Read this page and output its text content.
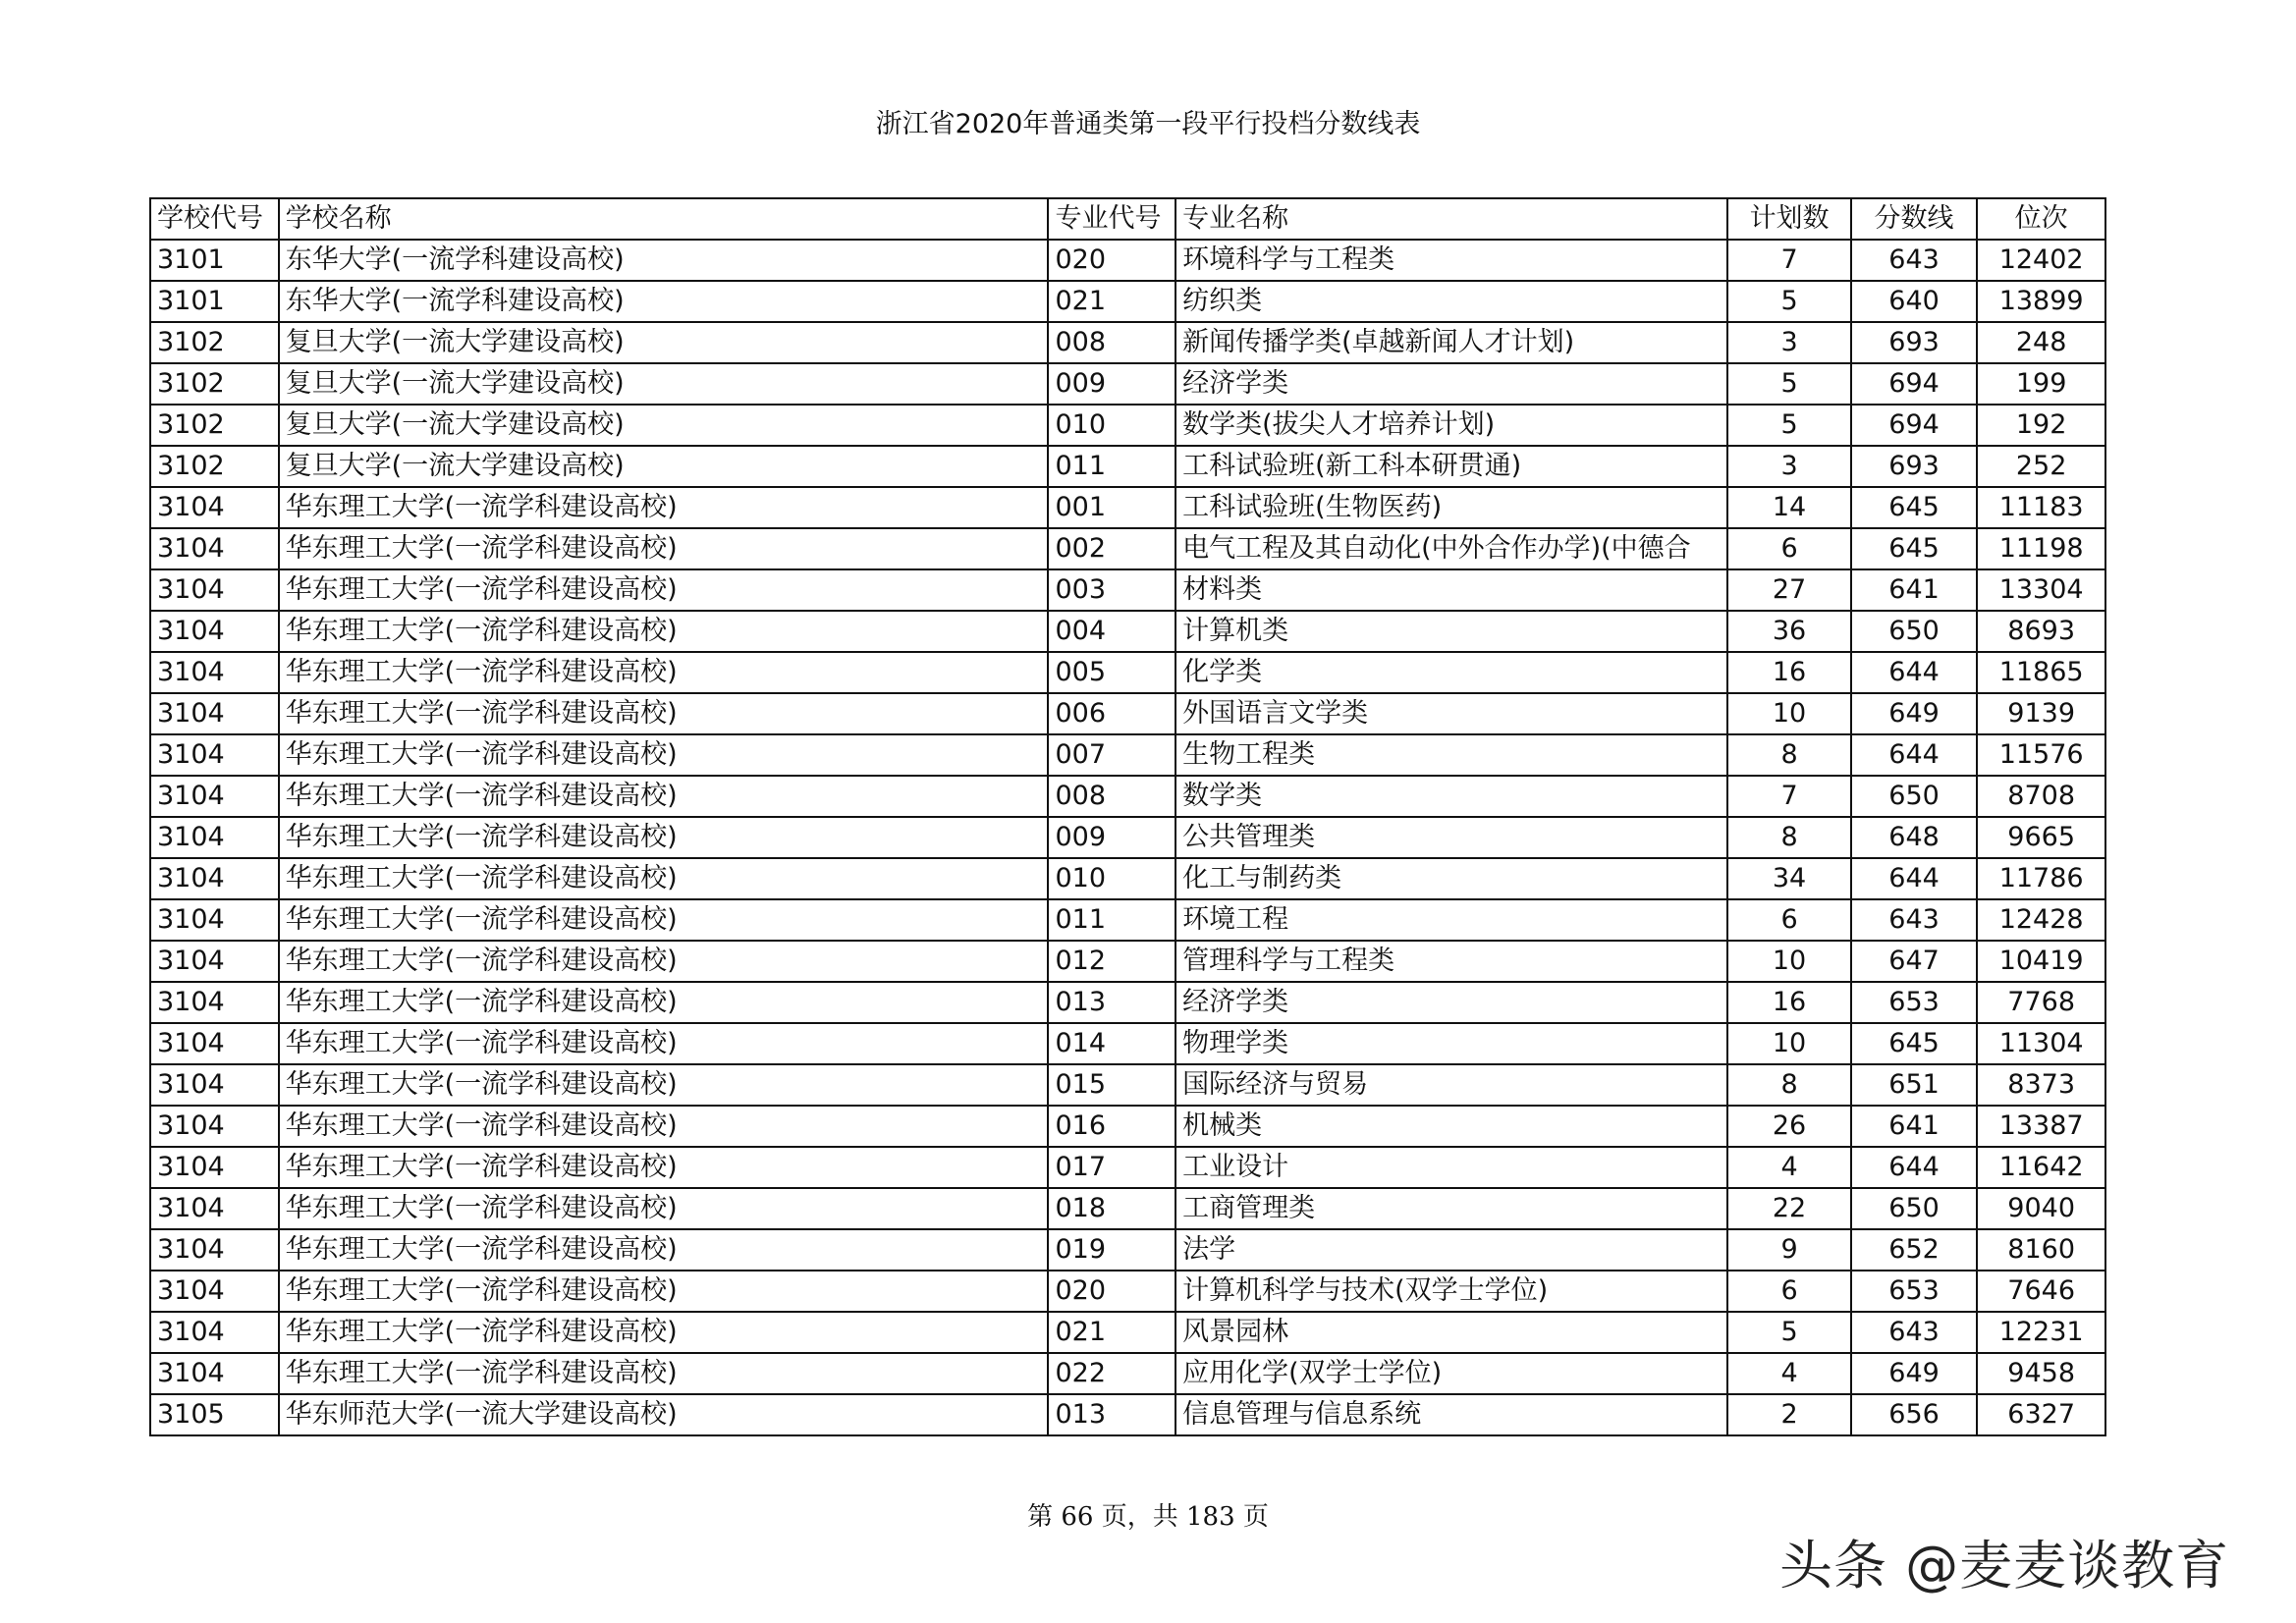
浙江省2020年普通类第一段平行投档分数线表
学校代号	学校名称	专业代号	专业名称	计划数	分数线	位次
3101	东华大学(一流学科建设高校)	020	环境科学与工程类	7	643	12402
3101	东华大学(一流学科建设高校)	021	纺织类	5	640	13899
3102	复旦大学(一流大学建设高校)	008	新闻传播学类(卓越新闻人才计划)	3	693	248
3102	复旦大学(一流大学建设高校)	009	经济学类	5	694	199
3102	复旦大学(一流大学建设高校)	010	数学类(拔尖人才培养计划)	5	694	192
3102	复旦大学(一流大学建设高校)	011	工科试验班(新工科本研贯通)	3	693	252
3104	华东理工大学(一流学科建设高校)	001	工科试验班(生物医药)	14	645	11183
3104	华东理工大学(一流学科建设高校)	002	电气工程及其自动化(中外合作办学)(中德合	6	645	11198
3104	华东理工大学(一流学科建设高校)	003	材料类	27	641	13304
3104	华东理工大学(一流学科建设高校)	004	计算机类	36	650	8693
3104	华东理工大学(一流学科建设高校)	005	化学类	16	644	11865
3104	华东理工大学(一流学科建设高校)	006	外国语言文学类	10	649	9139
3104	华东理工大学(一流学科建设高校)	007	生物工程类	8	644	11576
3104	华东理工大学(一流学科建设高校)	008	数学类	7	650	8708
3104	华东理工大学(一流学科建设高校)	009	公共管理类	8	648	9665
3104	华东理工大学(一流学科建设高校)	010	化工与制药类	34	644	11786
3104	华东理工大学(一流学科建设高校)	011	环境工程	6	643	12428
3104	华东理工大学(一流学科建设高校)	012	管理科学与工程类	10	647	10419
3104	华东理工大学(一流学科建设高校)	013	经济学类	16	653	7768
3104	华东理工大学(一流学科建设高校)	014	物理学类	10	645	11304
3104	华东理工大学(一流学科建设高校)	015	国际经济与贸易	8	651	8373
3104	华东理工大学(一流学科建设高校)	016	机械类	26	641	13387
3104	华东理工大学(一流学科建设高校)	017	工业设计	4	644	11642
3104	华东理工大学(一流学科建设高校)	018	工商管理类	22	650	9040
3104	华东理工大学(一流学科建设高校)	019	法学	9	652	8160
3104	华东理工大学(一流学科建设高校)	020	计算机科学与技术(双学士学位)	6	653	7646
3104	华东理工大学(一流学科建设高校)	021	风景园林	5	643	12231
3104	华东理工大学(一流学科建设高校)	022	应用化学(双学士学位)	4	649	9458
3105	华东师范大学(一流大学建设高校)	013	信息管理与信息系统	2	656	6327
第 66 页，共 183 页
头条 @麦麦谈教育
